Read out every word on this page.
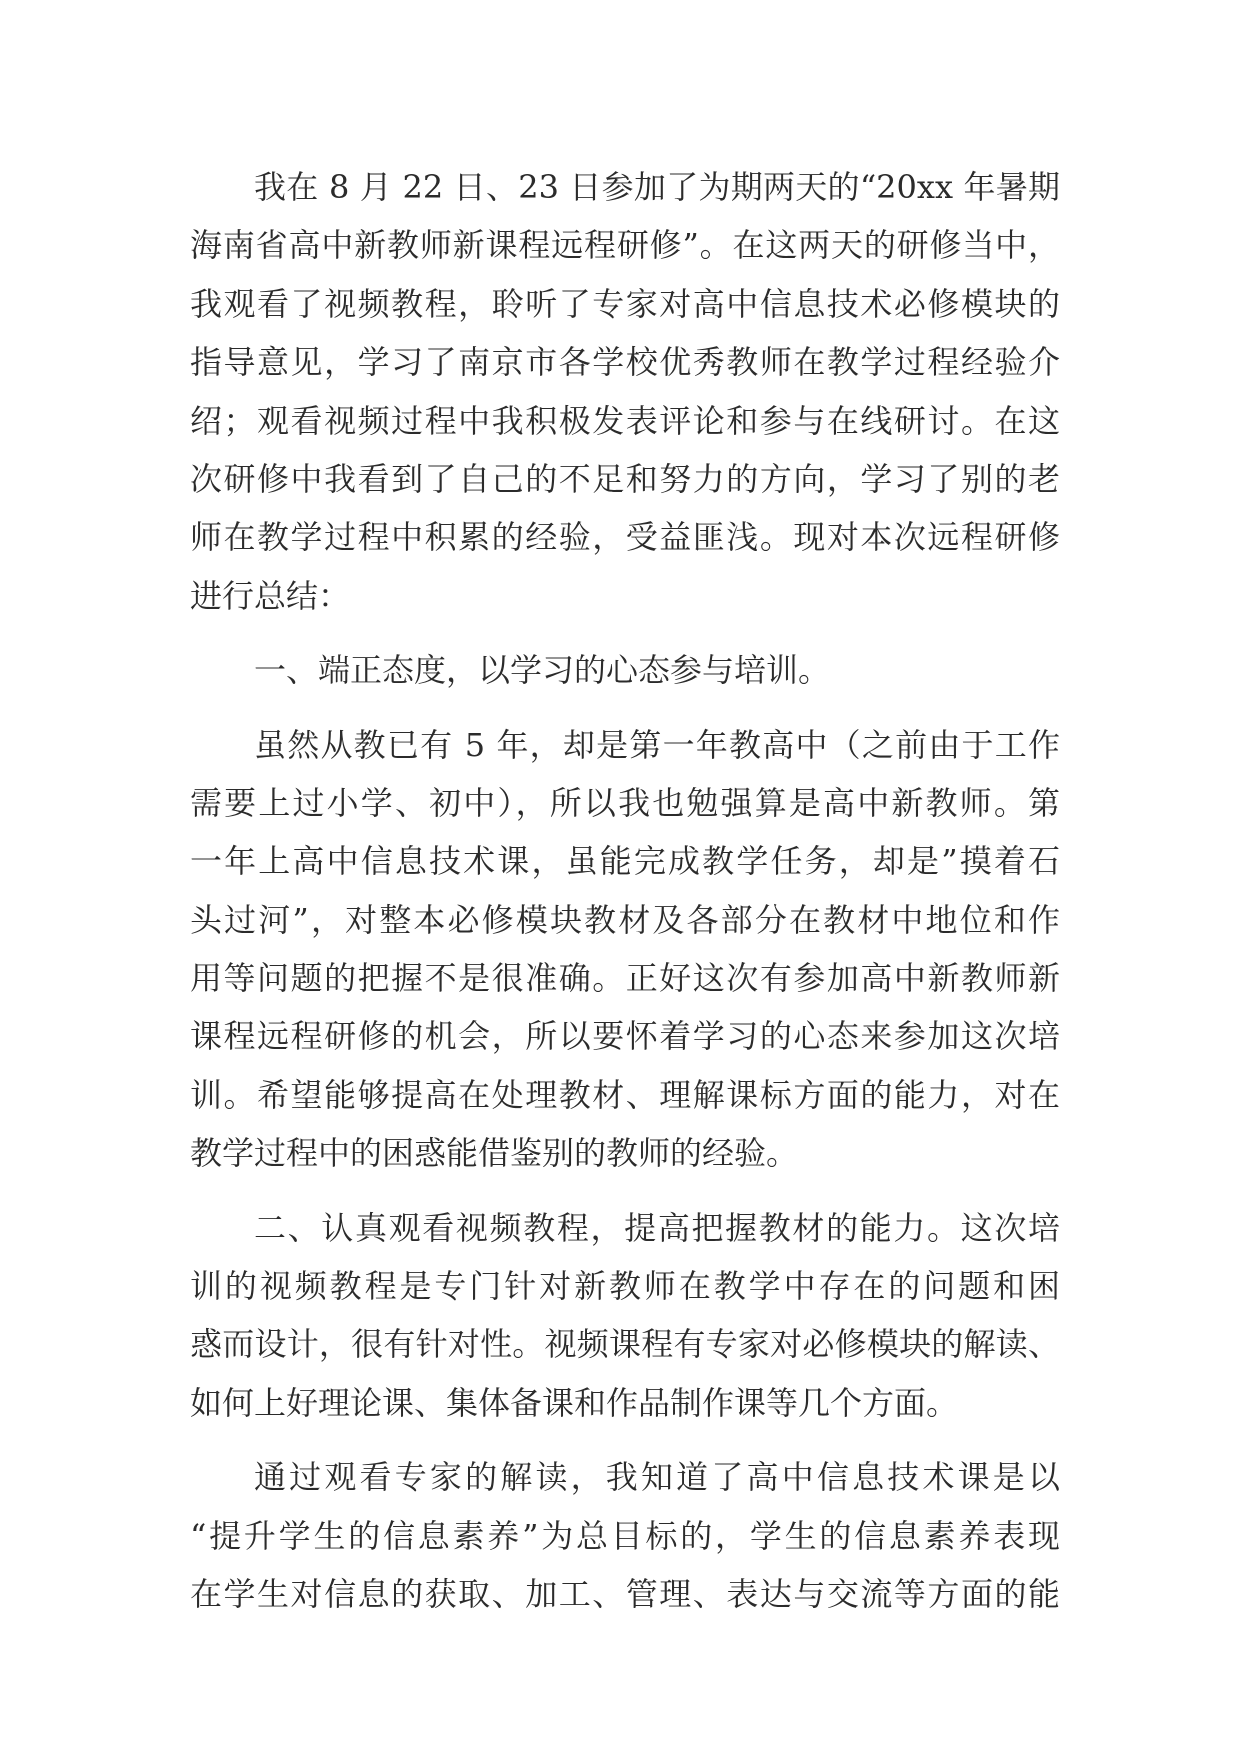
我在 8 月 22 日、23 日参加了为期两天的“20xx 年暑期
海南省高中新教师新课程远程研修”。在这两天的研修当中，
我观看了视频教程，聆听了专家对高中信息技术必修模块的
指导意见，学习了南京市各学校优秀教师在教学过程经验介
绍；观看视频过程中我积极发表评论和参与在线研讨。在这
次研修中我看到了自己的不足和努力的方向，学习了别的老
师在教学过程中积累的经验，受益匪浅。现对本次远程研修
进行总结：
一、端正态度，以学习的心态参与培训。
虽然从教已有 5 年，却是第一年教高中（之前由于工作
需要上过小学、初中），所以我也勉强算是高中新教师。第
一年上高中信息技术课，虽能完成教学任务，却是”摸着石
头过河”，对整本必修模块教材及各部分在教材中地位和作
用等问题的把握不是很准确。正好这次有参加高中新教师新
课程远程研修的机会，所以要怀着学习的心态来参加这次培
训。希望能够提高在处理教材、理解课标方面的能力，对在
教学过程中的困惑能借鉴别的教师的经验。
二、认真观看视频教程，提高把握教材的能力。这次培
训的视频教程是专门针对新教师在教学中存在的问题和困
惑而设计，很有针对性。视频课程有专家对必修模块的解读、
如何上好理论课、集体备课和作品制作课等几个方面。
通过观看专家的解读，我知道了高中信息技术课是以
“提升学生的信息素养”为总目标的，学生的信息素养表现
在学生对信息的获取、加工、管理、表达与交流等方面的能
